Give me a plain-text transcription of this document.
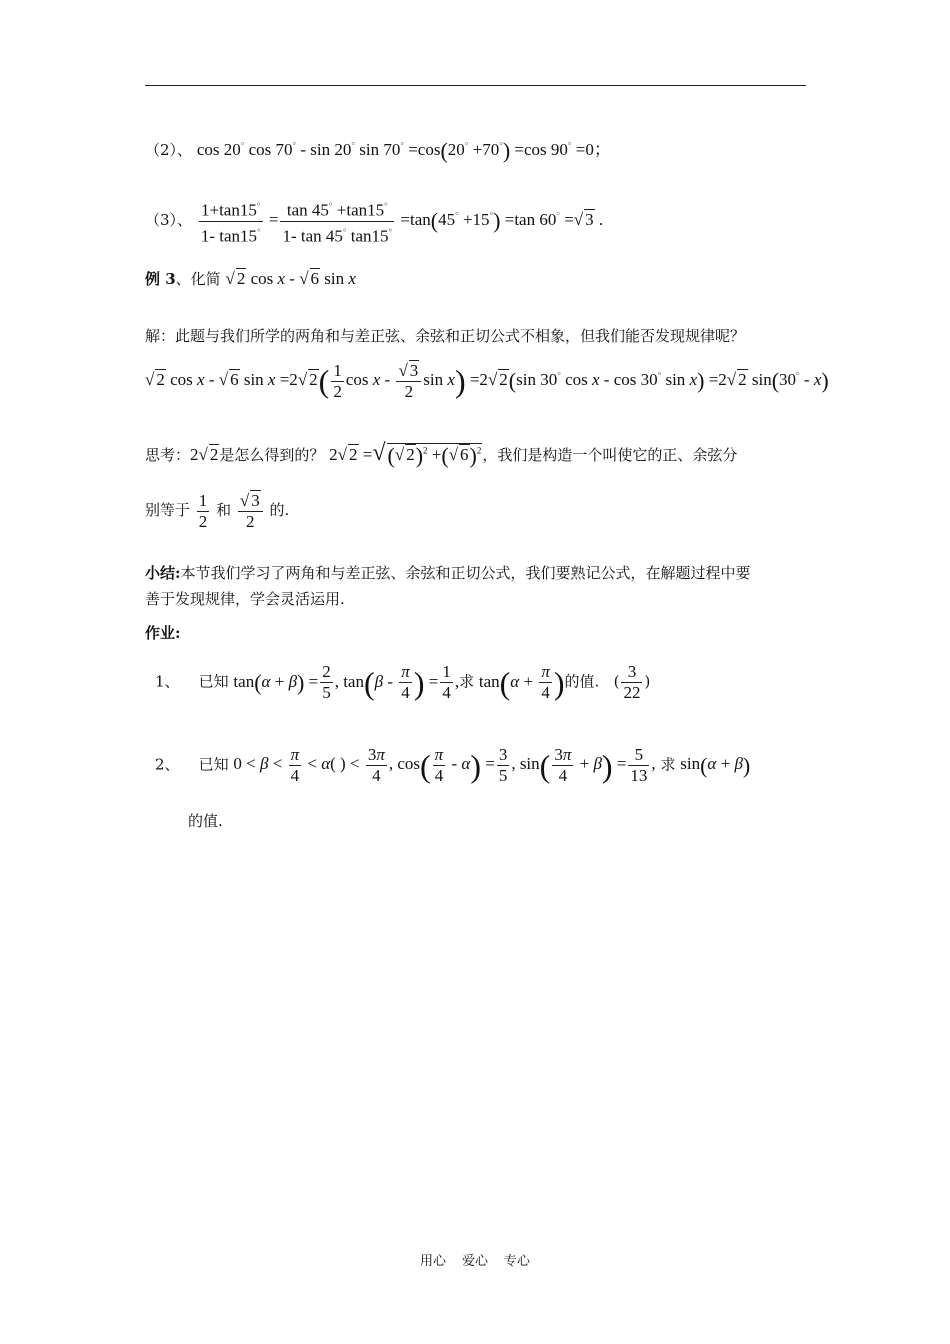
（2）、 cos 20° cos 70° - sin 20° sin 70° =cos(20° +70°) =cos 90° =0；
（3）、 $\frac{1+\tan 15^\circ}{1- \tan 15^\circ} = \frac{\tan 45^\circ +\tan 15^\circ}{1- \tan 45^\circ \tan 15^\circ} =\tan(45^\circ +15^\circ) =\tan$ 60° =√ 3 .
例 3、化简 √ 2 cos x - √ 6 sin x
解：此题与我们所学的两角和与差正弦、余弦和正切公式不相象，但我们能否发现规律呢？
√ 2 cos x - √ 6 sin x =2√ $2( \frac{1}{2}$ cos x - $\frac{√ 3}{2}$ sin x) =2√ 2(sin 30° cos x - cos 30° sin x) =2√ 2 sin(30° - x)
思考：2√ 2是怎么得到的？ 2√ 2 =√(√ 2)$^2$ +(√ 6)$^2$，我们是构造一个叫使它的正、余弦分
别等于 $\frac{1}{2}$ 和 $\frac{√ 3}{2}$ 的.
小结:本节我们学习了两角和与差正弦、余弦和正切公式，我们要熟记公式，在解题过程中要
善于发现规律，学会灵活运用.
作业:
1、 已知 $\tan(\alpha + \beta) = \frac{2}{5}$ , $\tan(\beta - \frac{\pi}{4}$ ) = $\frac{1}{4}$ ,求 $\tan(\alpha + \frac{\pi}{4}$ )的值.   ( $\frac{3}{22}$ )
2、 已知 $0 < \beta < \frac{\pi}{4} < \alpha$( ) < $\frac{3\pi}{4}$ , $\cos( \frac{\pi}{4} - \alpha) = \frac{3}{5}$ , $\sin( \frac{3\pi}{4} + \beta) = \frac{5}{13}$ , 求 sin(α + β)
的值.
用心 爱心 专心
